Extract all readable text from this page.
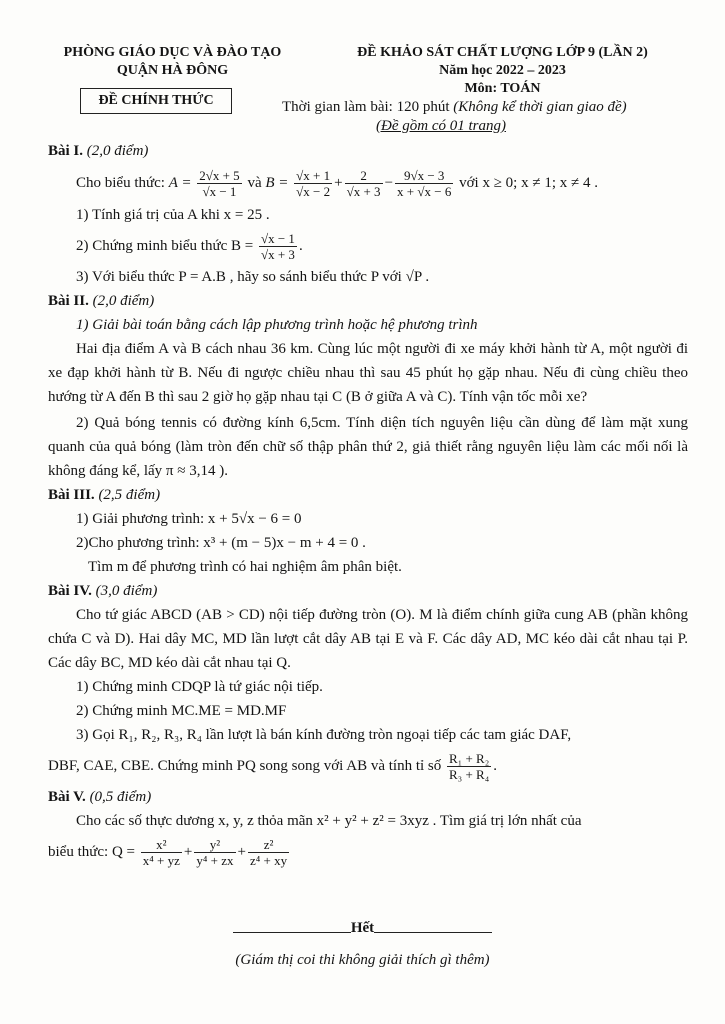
PHÒNG GIÁO DỤC VÀ ĐÀO TẠO
QUẬN HÀ ĐÔNG
ĐỀ CHÍNH THỨC
ĐỀ KHẢO SÁT CHẤT LƯỢNG LỚP 9 (LẦN 2)
Năm học 2022 – 2023
Môn: TOÁN
Thời gian làm bài: 120 phút (Không kể thời gian giao đề)
(Đề gồm có 01 trang)
Bài I. (2,0 điểm)
Cho biểu thức: $A = \frac{2√x + 5}{√x - 1}$ và $B = \frac{√x + 1}{√x - 2} + \frac{2}{√x + 3} - \frac{9√x - 3}{x + √x - 6}$ với x ≥ 0; x ≠ 1; x ≠ 4 .
1) Tính giá trị của A khi x = 25 .
2) Chứng minh biểu thức $B = \frac{√x - 1}{√x + 3}$ .
3) Với biểu thức P = A.B , hãy so sánh biểu thức P với √P .
Bài II. (2,0 điểm)
1) Giải bài toán bằng cách lập phương trình hoặc hệ phương trình
Hai địa điểm A và B cách nhau 36 km. Cùng lúc một người đi xe máy khởi hành từ A, một người đi xe đạp khởi hành từ B. Nếu đi ngược chiều nhau thì sau 45 phút họ gặp nhau. Nếu đi cùng chiều theo hướng từ A đến B thì sau 2 giờ họ gặp nhau tại C (B ở giữa A và C). Tính vận tốc mỗi xe?
2) Quả bóng tennis có đường kính 6,5cm. Tính diện tích nguyên liệu cần dùng để làm mặt xung quanh của quả bóng (làm tròn đến chữ số thập phân thứ 2, giả thiết rằng nguyên liệu làm các mối nối là không đáng kể, lấy π ≈ 3,14 ).
Bài III. (2,5 điểm)
1) Giải phương trình: x + 5√x − 6 = 0
2)Cho phương trình: x³ + (m − 5)x − m + 4 = 0 .
Tìm m để phương trình có hai nghiệm âm phân biệt.
Bài IV. (3,0 điểm)
Cho tứ giác ABCD (AB > CD) nội tiếp đường tròn (O). M là điểm chính giữa cung AB (phần không chứa C và D). Hai dây MC, MD lần lượt cắt dây AB tại E và F. Các dây AD, MC kéo dài cắt nhau tại P. Các dây BC, MD kéo dài cắt nhau tại Q.
1) Chứng minh CDQP là tứ giác nội tiếp.
2) Chứng minh MC.ME = MD.MF
3) Gọi R₁, R₂, R₃, R₄ lần lượt là bán kính đường tròn ngoại tiếp các tam giác DAF,
DBF, CAE, CBE. Chứng minh PQ song song với AB và tính tỉ số $\frac{\text{R₁ + R₂}}{\text{R₃ + R₄}}$ .
Bài V. (0,5 điểm)
Cho các số thực dương x, y, z thỏa mãn x² + y² + z² = 3xyz . Tìm giá trị lớn nhất của
biểu thức: $Q = \frac{\text{x²}}{\text{x⁴ + yz}} + \frac{\text{y²}}{\text{y⁴ + zx}} + \frac{\text{z²}}{\text{z⁴ + xy}}$
Hết
(Giám thị coi thi không giải thích gì thêm)
